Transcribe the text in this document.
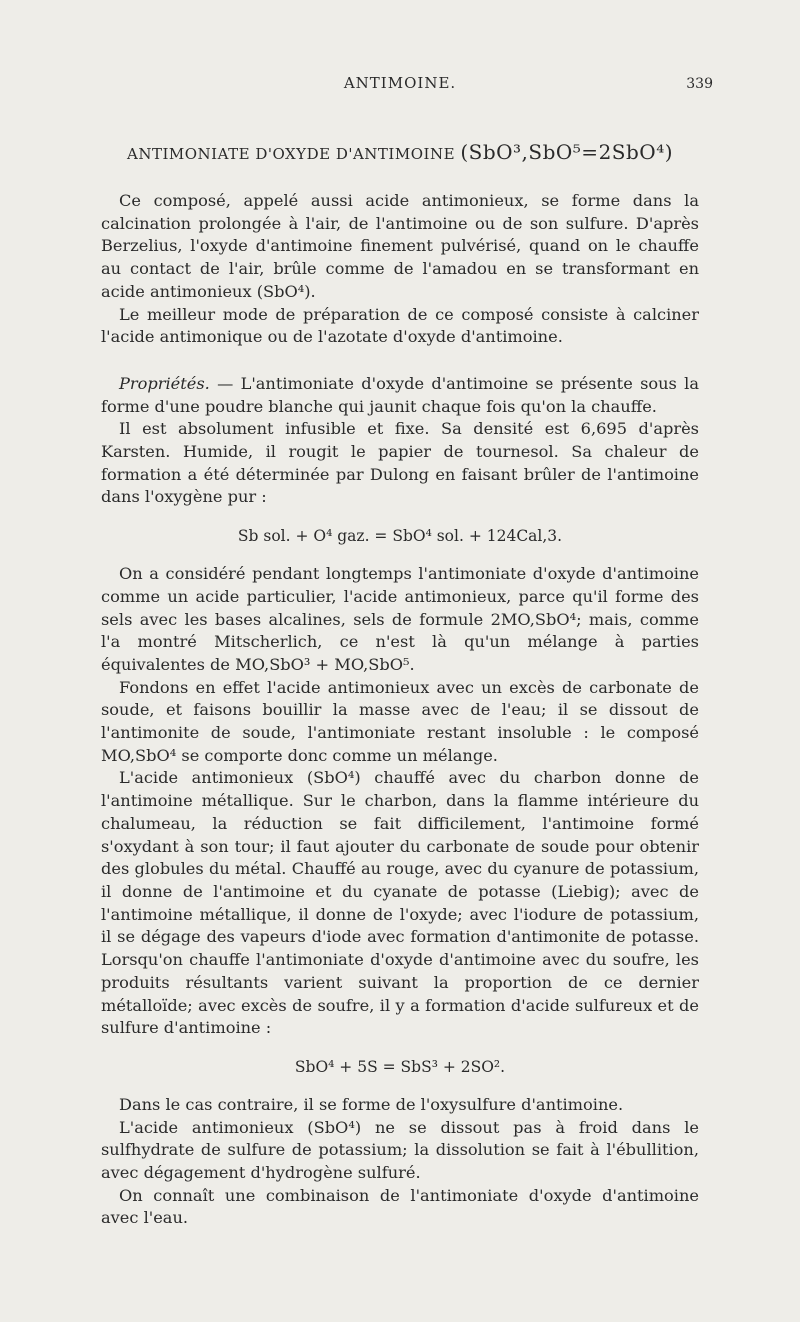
ANTIMOINE.	339
ANTIMONIATE D'OXYDE D'ANTIMOINE (SbO³,SbO⁵=2SbO⁴)

Ce composé, appelé aussi acide antimonieux, se forme dans la calcination prolongée à l'air, de l'antimoine ou de son sulfure. D'après Berzelius, l'oxyde d'antimoine finement pulvérisé, quand on le chauffe au contact de l'air, brûle comme de l'amadou en se transformant en acide antimonieux (SbO⁴).

Le meilleur mode de préparation de ce composé consiste à calciner l'acide antimonique ou de l'azotate d'oxyde d'antimoine.

Propriétés. — L'antimoniate d'oxyde d'antimoine se présente sous la forme d'une poudre blanche qui jaunit chaque fois qu'on la chauffe.

Il est absolument infusible et fixe. Sa densité est 6,695 d'après Karsten. Humide, il rougit le papier de tournesol. Sa chaleur de formation a été déterminée par Dulong en faisant brûler de l'antimoine dans l'oxygène pur :

Sb sol. + O⁴ gaz. = SbO⁴ sol. + 124Cal,3.

On a considéré pendant longtemps l'antimoniate d'oxyde d'antimoine comme un acide particulier, l'acide antimonieux, parce qu'il forme des sels avec les bases alcalines, sels de formule 2MO,SbO⁴; mais, comme l'a montré Mitscherlich, ce n'est là qu'un mélange à parties équivalentes de MO,SbO³ + MO,SbO⁵.

Fondons en effet l'acide antimonieux avec un excès de carbonate de soude, et faisons bouillir la masse avec de l'eau; il se dissout de l'antimonite de soude, l'antimoniate restant insoluble : le composé MO,SbO⁴ se comporte donc comme un mélange.

L'acide antimonieux (SbO⁴) chauffé avec du charbon donne de l'antimoine métallique. Sur le charbon, dans la flamme intérieure du chalumeau, la réduction se fait difficilement, l'antimoine formé s'oxydant à son tour; il faut ajouter du carbonate de soude pour obtenir des globules du métal. Chauffé au rouge, avec du cyanure de potassium, il donne de l'antimoine et du cyanate de potasse (Liebig); avec de l'antimoine métallique, il donne de l'oxyde; avec l'iodure de potassium, il se dégage des vapeurs d'iode avec formation d'antimonite de potasse. Lorsqu'on chauffe l'antimoniate d'oxyde d'antimoine avec du soufre, les produits résultants varient suivant la proportion de ce dernier métalloïde; avec excès de soufre, il y a formation d'acide sulfureux et de sulfure d'antimoine :

SbO⁴ + 5S = SbS³ + 2SO².

Dans le cas contraire, il se forme de l'oxysulfure d'antimoine.

L'acide antimonieux (SbO⁴) ne se dissout pas à froid dans le sulfhydrate de sulfure de potassium; la dissolution se fait à l'ébullition, avec dégagement d'hydrogène sulfuré.

On connaît une combinaison de l'antimoniate d'oxyde d'antimoine avec l'eau.
